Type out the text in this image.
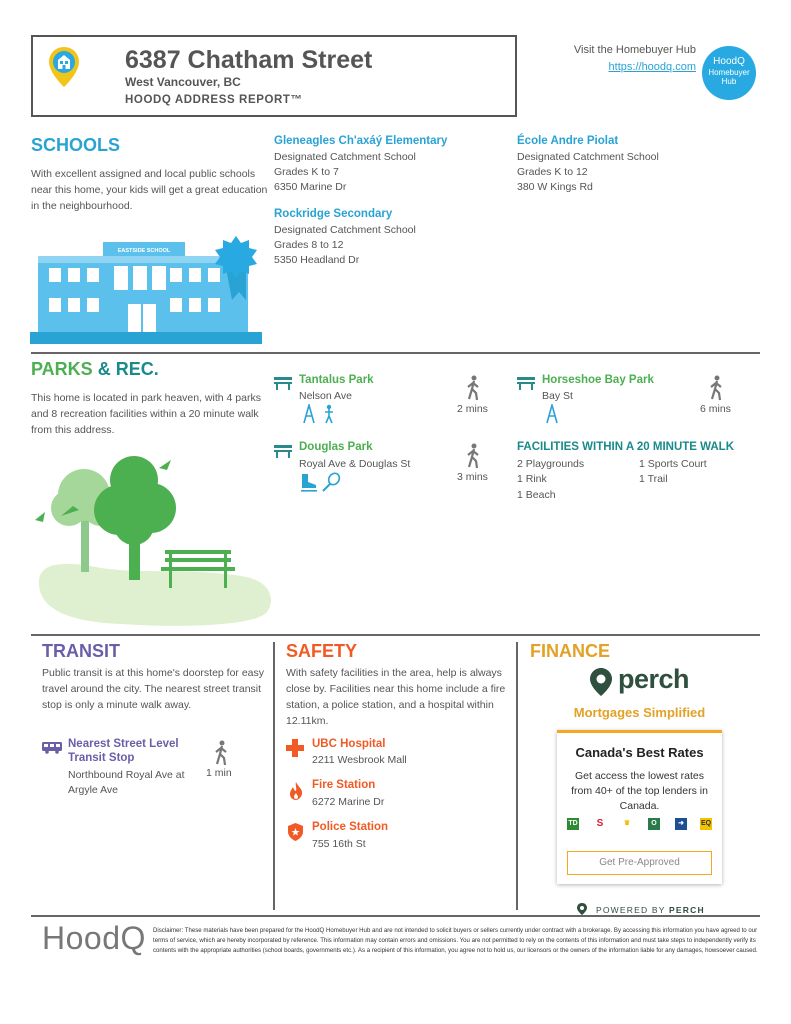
6387 Chatham Street
West Vancouver, BC
HOODQ ADDRESS REPORT™
Visit the Homebuyer Hub
https://hoodq.com	HoodQ
Homebuyer
Hub
SCHOOLS
With excellent assigned and local public schools near this home, your kids will get a great education in the neighbourhood.
EASTSIDE SCHOOL
Gleneagles Ch'axáý Elementary
Designated Catchment School
Grades K to 7
6350 Marine Dr
École Andre Piolat
Designated Catchment School
Grades K to 12
380 W Kings Rd
Rockridge Secondary
Designated Catchment School
Grades 8 to 12
5350 Headland Dr
PARKS & REC.
This home is located in park heaven, with 4 parks and 8 recreation facilities within a 20 minute walk from this address.
Tantalus Park
Nelson Ave
2 mins
Horseshoe Bay Park
Bay St
6 mins
Douglas Park
Royal Ave & Douglas St
3 mins
FACILITIES WITHIN A 20 MINUTE WALK
2 Playgrounds	1 Sports Court
1 Rink	1 Trail
1 Beach
TRANSIT
Public transit is at this home's doorstep for easy travel around the city. The nearest street transit stop is only a minute walk away.
Nearest Street Level
Transit Stop
Northbound Royal Ave at
Argyle Ave
1 min
SAFETY
With safety facilities in the area, help is always close by. Facilities near this home include a fire station, a police station, and a hospital within 12.11km.
UBC Hospital
2211 Wesbrook Mall
Fire Station
6272 Marine Dr
Police Station
755 16th St
FINANCE
perch
Mortgages Simplified
Canada's Best Rates
Get access the lowest rates from 40+ of the top lenders in Canada.
TD S	♛	O	➜	EQ
Get Pre-Approved
POWERED BY PERCH
HoodQ Disclaimer: These materials have been prepared for the HoodQ Homebuyer Hub and are not intended to solicit buyers or sellers currently under contract with a brokerage. By accessing this information you have agreed to our terms of service, which are hereby incorporated by reference. This information may contain errors and omissions. You are not permitted to rely on the contents of this information and must take steps to independently verify its contents with the appropriate authorities (school boards, governments etc.). As a recipient of this information, you agree not to hold us, our licensors or the owners of the information liable for any damages, howsoever caused.
